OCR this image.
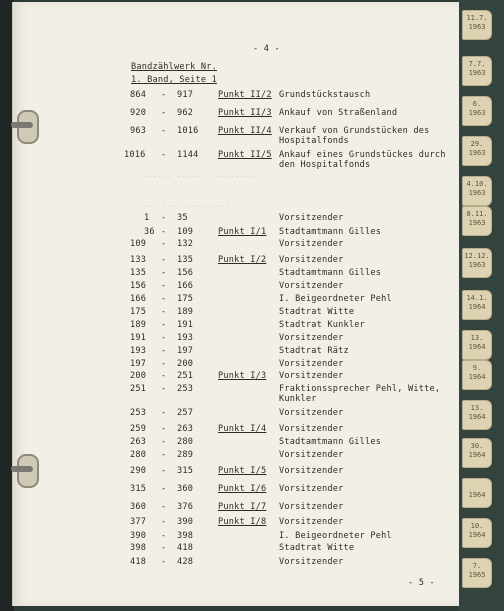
······ ······ ··········
··· ··· ··········
- 4 -
Bandzählwerk Nr.
1. Band, Seite 1
864 - 917	Punkt II/2 Grundstückstausch
920 - 962	Punkt II/3 Ankauf von Straßenland
963 - 1016 Punkt II/4 Verkauf von Grundstücken des
Hospitalfonds
1016 - 1144 Punkt II/5 Ankauf eines Grundstückes durch
den Hospitalfonds
1 - 35	Vorsitzender
36 - 109	Punkt I/1 Stadtamtmann Gilles
109 - 132	Vorsitzender
133 - 135	Punkt I/2 Vorsitzender
135 - 156	Stadtamtmann Gilles
156 - 166	Vorsitzender
166 - 175	I. Beigeordneter Pehl
175 - 189	Stadtrat Witte
189 - 191	Stadtrat Kunkler
191 - 193	Vorsitzender
193 - 197	Stadtrat Rätz
197 - 200	Vorsitzender
200 - 251	Punkt I/3 Vorsitzender
251 - 253	Fraktionssprecher Pehl, Witte,
Kunkler
253 - 257	Vorsitzender
259 - 263	Punkt I/4 Vorsitzender
263 - 280	Stadtamtmann Gilles
280 - 289	Vorsitzender
290 - 315	Punkt I/5 Vorsitzender
315 - 360	Punkt I/6 Vorsitzender
360 - 376	Punkt I/7 Vorsitzender
377 - 390	Punkt I/8 Vorsitzender
390 - 398	I. Beigeordneter Pehl
398 - 418	Stadtrat Witte
418 - 428	Vorsitzender
- 5 -
11.7.
1963
7.7.
1963
6.
1963
29.
1963
4.10.
1963
8.11.
1963
12.12.
1963
14.1.
1964
13.
1964
9.
1964
13.
1964
30.
1964

1964
10.
1964
7.
1965
